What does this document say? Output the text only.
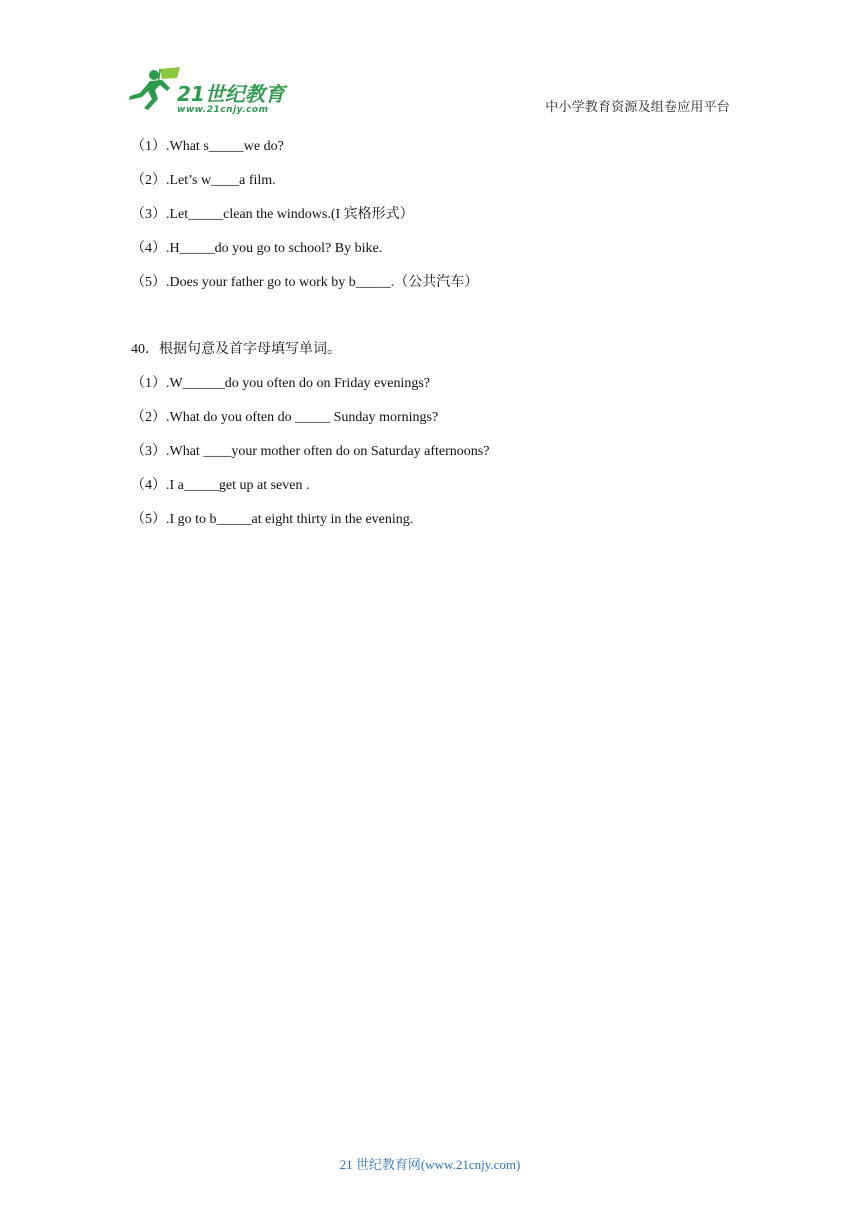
21世纪教育
www.21cnjy.com	中小学教育资源及组卷应用平台
（1）.What s_____we do?
（2）.Let’s w____a film.
（3）.Let_____clean the windows.(I 宾格形式）
（4）.H_____do you go to school? By bike.
（5）.Does your father go to work by b_____.（公共汽车）
40．根据句意及首字母填写单词。
（1）.W______do you often do on Friday evenings?
（2）.What do you often do _____ Sunday mornings?
（3）.What ____your mother often do on Saturday afternoons?
（4）.I a_____get up at seven .
（5）.I go to b_____at eight thirty in the evening.
21 世纪教育网(www.21cnjy.com)
